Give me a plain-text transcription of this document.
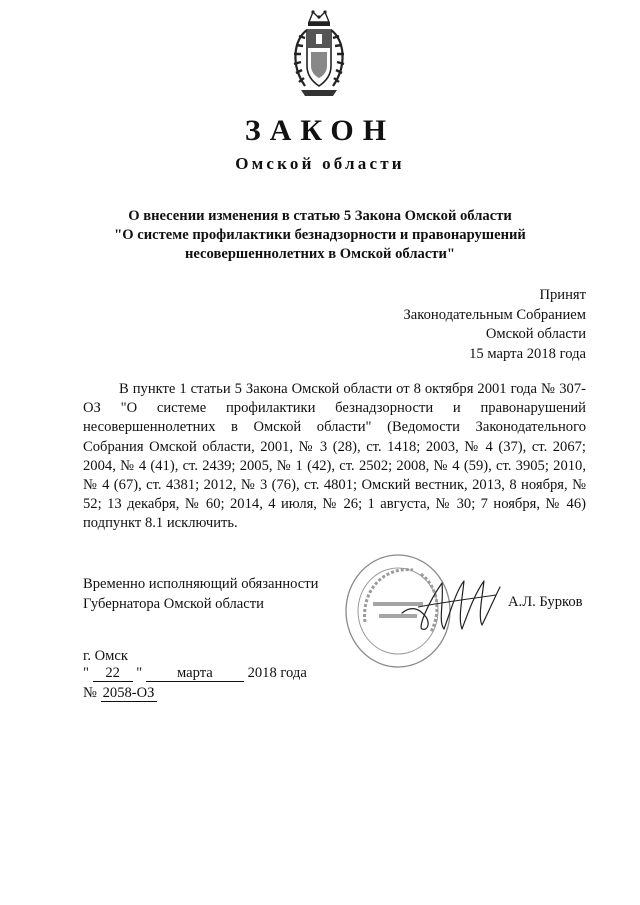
ЗАКОН
Омской области
О внесении изменения в статью 5 Закона Омской области
"О системе профилактики безнадзорности и правонарушений
несовершеннолетних в Омской области"
Принят
Законодательным Собранием
Омской области
15 марта 2018 года
В пункте 1 статьи 5 Закона Омской области от 8 октября 2001 года № 307-ОЗ "О системе профилактики безнадзорности и правонарушений несовершеннолетних в Омской области" (Ведомости Законодательного Собрания Омской области, 2001, № 3 (28), ст. 1418; 2003, № 4 (37), ст. 2067; 2004, № 4 (41), ст. 2439; 2005, № 1 (42), ст. 2502; 2008, № 4 (59), ст. 3905; 2010, № 4 (67), ст. 4381; 2012, № 3 (76), ст. 4801; Омский вестник, 2013, 8 ноября, № 52; 13 декабря, № 60; 2014, 4 июля, № 26; 1 августа, № 30; 7 ноября, № 46) подпункт 8.1 исключить.
Временно исполняющий обязанности
Губернатора Омской области	А.Л. Бурков
г. Омск
" 22 " марта 2018 года
№ 2058-ОЗ
